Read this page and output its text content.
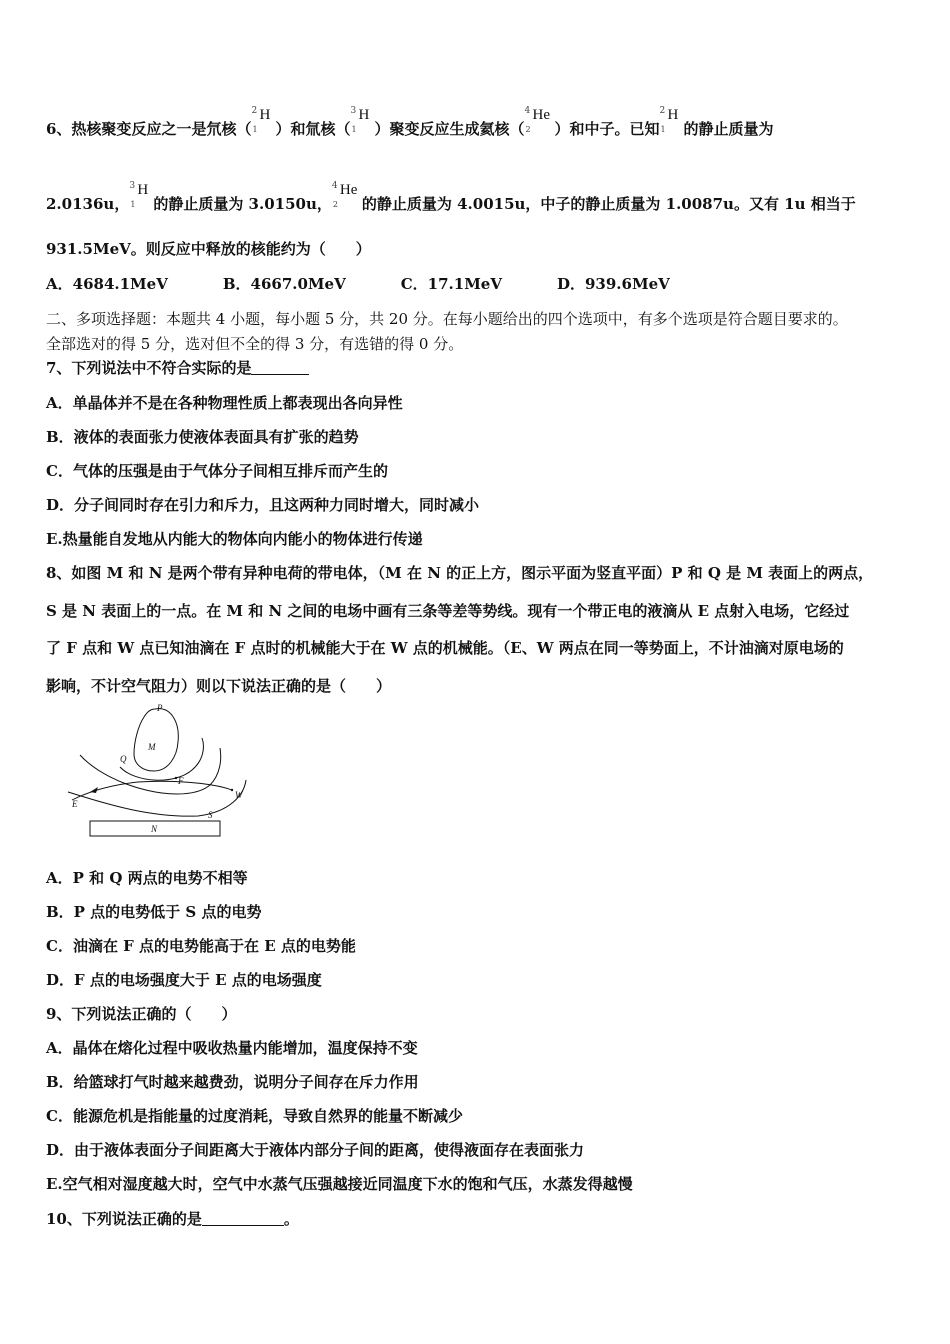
6、热核聚变反应之一是氘核（
2
1
H
）和氚核（
3
1
H
）聚变反应生成氦核（
4
2
He
）和中子。已知
2
1
H
的静止质量为
2.0136u，
3
1
H
的静止质量为 3.0150u，
4
2
He
的静止质量为 4.0015u，中子的静止质量为 1.0087u。又有 1u 相当于
931.5MeV。则反应中释放的核能约为（　　）
A．4684.1MeV	B．4667.0MeV	C．17.1MeV	D．939.6MeV
二、多项选择题：本题共 4 小题，每小题 5 分，共 20 分。在每小题给出的四个选项中，有多个选项是符合题目要求的。
全部选对的得 5 分，选对但不全的得 3 分，有选错的得 0 分。
7、下列说法中不符合实际的是
A．单晶体并不是在各种物理性质上都表现出各向异性
B．液体的表面张力使液体表面具有扩张的趋势
C．气体的压强是由于气体分子间相互排斥而产生的
D．分子间同时存在引力和斥力，且这两种力同时增大，同时减小
E.热量能自发地从内能大的物体向内能小的物体进行传递
8、如图 M 和 N 是两个带有异种电荷的带电体，（M 在 N 的正上方，图示平面为竖直平面）P 和 Q 是 M 表面上的两点，
S 是 N 表面上的一点。在 M 和 N 之间的电场中画有三条等差等势线。现有一个带正电的液滴从 E 点射入电场，它经过
了 F 点和 W 点已知油滴在 F 点时的机械能大于在 W 点的机械能。（E、W 两点在同一等势面上，不计油滴对原电场的
影响，不计空气阻力）则以下说法正确的是（　　）
P
M
Q
F
W
E
S
N
A．P 和 Q 两点的电势不相等
B．P 点的电势低于 S 点的电势
C．油滴在 F 点的电势能高于在 E 点的电势能
D．F 点的电场强度大于 E 点的电场强度
9、下列说法正确的（　　）
A．晶体在熔化过程中吸收热量内能增加，温度保持不变
B．给篮球打气时越来越费劲，说明分子间存在斥力作用
C．能源危机是指能量的过度消耗，导致自然界的能量不断减少
D．由于液体表面分子间距离大于液体内部分子间的距离，使得液面存在表面张力
E.空气相对湿度越大时，空气中水蒸气压强越接近同温度下水的饱和气压，水蒸发得越慢
10、下列说法正确的是	。
